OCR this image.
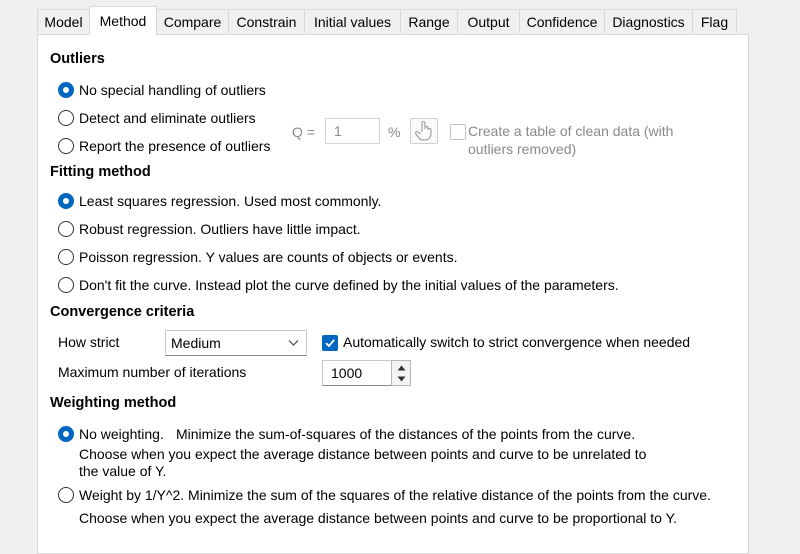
Model	Method	Compare	Constrain	Initial values	Range	Output	Confidence	Diagnostics	Flag
Outliers
No special handling of outliers
Detect and eliminate outliers
Report the presence of outliers
Q =	1	%	Create a table of clean data (with
outliers removed)
Fitting method
Least squares regression. Used most commonly.
Robust regression. Outliers have little impact.
Poisson regression. Y values are counts of objects or events.
Don't fit the curve. Instead plot the curve defined by the initial values of the parameters.
Convergence criteria
How strict	Medium	Automatically switch to strict convergence when needed
Maximum number of iterations	1000
Weighting method
No weighting. Minimize the sum-of-squares of the distances of the points from the curve.
Choose when you expect the average distance between points and curve to be unrelated to
the value of Y.
Weight by 1/Y^2. Minimize the sum of the squares of the relative distance of the points from the curve.
Choose when you expect the average distance between points and curve to be proportional to Y.
